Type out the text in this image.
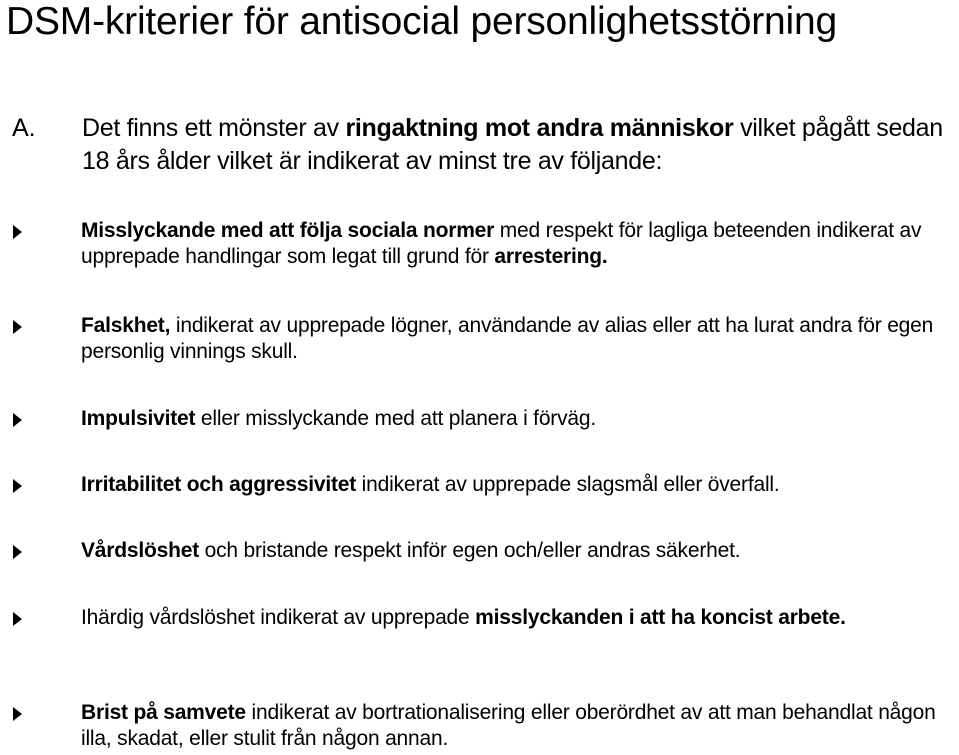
DSM-kriterier för antisocial personlighetsstörning
A. Det finns ett mönster av ringaktning mot andra människor vilket pågått sedan 18 års ålder vilket är indikerat av minst tre av följande:
Misslyckande med att följa sociala normer med respekt för lagliga beteenden indikerat av upprepade handlingar som legat till grund för arrestering.
Falskhet, indikerat av upprepade lögner, användande av alias eller att ha lurat andra för egen personlig vinnings skull.
Impulsivitet eller misslyckande med att planera i förväg.
Irritabilitet och aggressivitet indikerat av upprepade slagsmål eller överfall.
Vårdslöshet och bristande respekt inför egen och/eller andras säkerhet.
Ihärdig vårdslöshet indikerat av upprepade misslyckanden i att ha koncist arbete.
Brist på samvete indikerat av bortrationalisering eller oberördhet av att man behandlat någon illa, skadat, eller stulit från någon annan.
